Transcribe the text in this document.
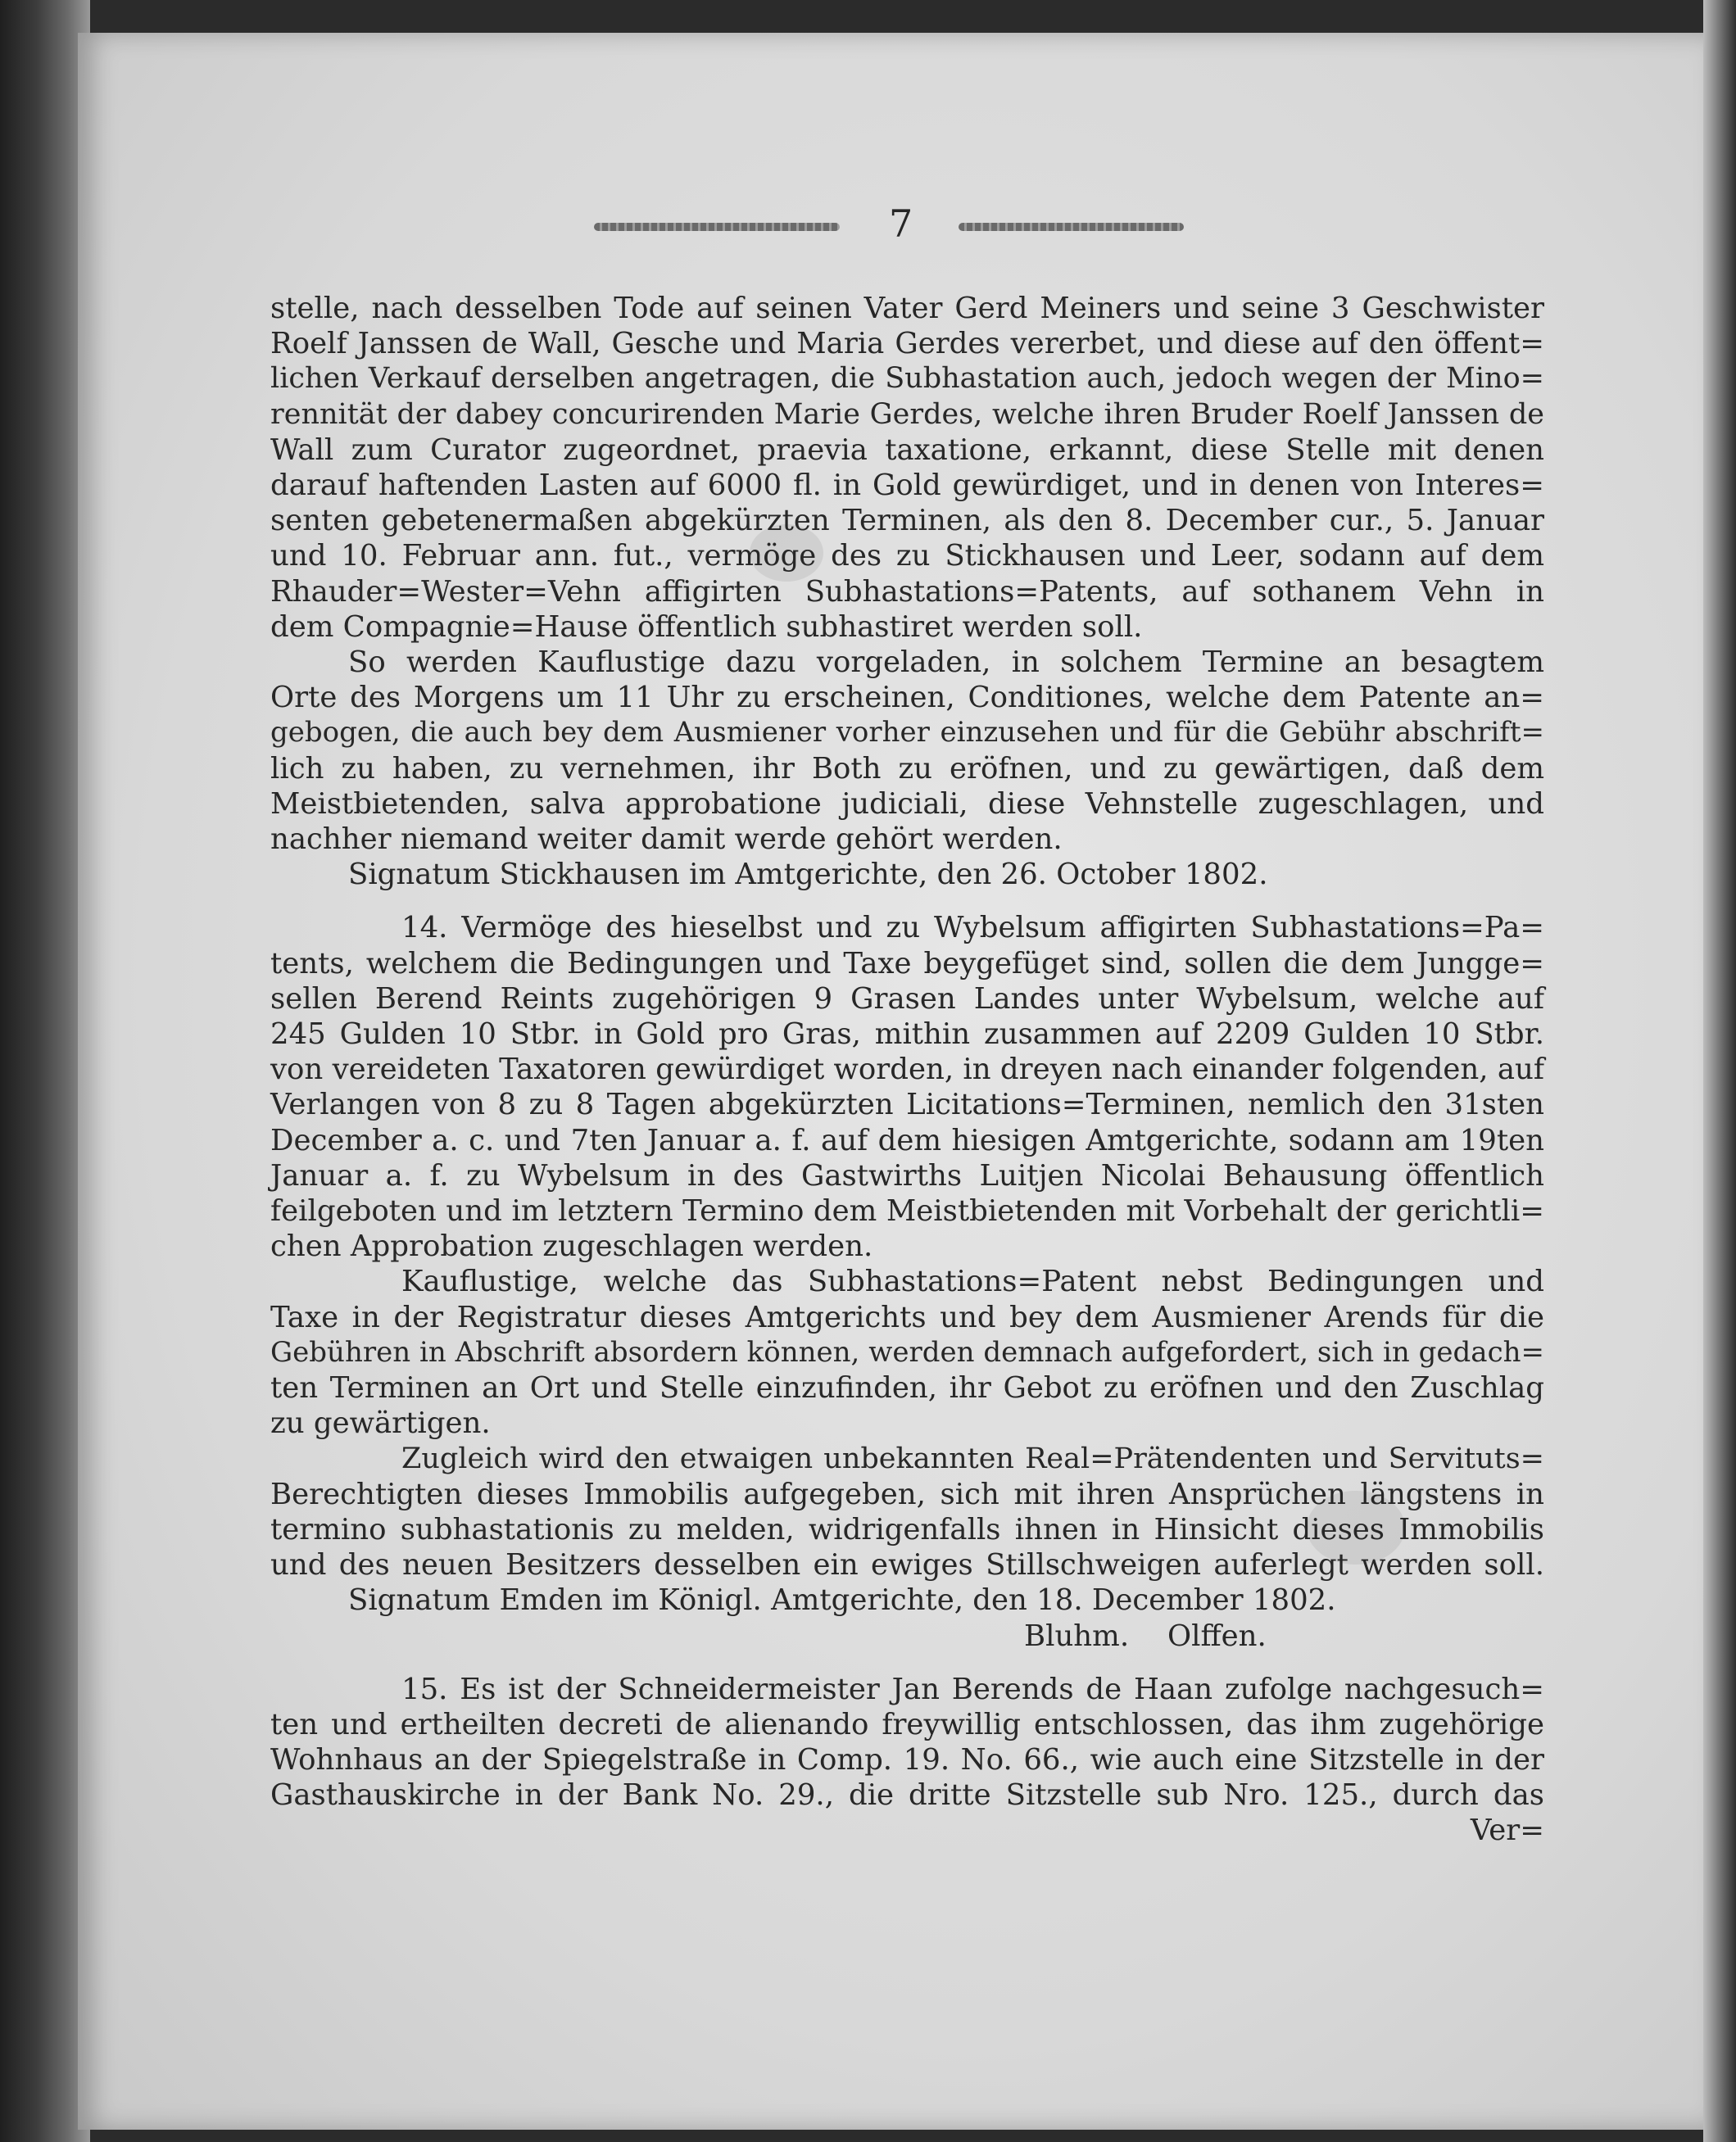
7
stelle, nach desselben Tode auf seinen Vater Gerd Meiners und seine 3 Geschwister
Roelf Janssen de Wall, Gesche und Maria Gerdes vererbet, und diese auf den öffent=
lichen Verkauf derselben angetragen, die Subhastation auch, jedoch wegen der Mino=
rennität der dabey concurirenden Marie Gerdes, welche ihren Bruder Roelf Janssen de
Wall zum Curator zugeordnet, praevia taxatione, erkannt, diese Stelle mit denen
darauf haftenden Lasten auf 6000 fl. in Gold gewürdiget, und in denen von Interes=
senten gebetenermaßen abgekürzten Terminen, als den 8. December cur., 5. Januar
und 10. Februar ann. fut., vermöge des zu Stickhausen und Leer, sodann auf dem
Rhauder=Wester=Vehn affigirten Subhastations=Patents, auf sothanem Vehn in
dem Compagnie=Hause öffentlich subhastiret werden soll.
So werden Kauflustige dazu vorgeladen, in solchem Termine an besagtem
Orte des Morgens um 11 Uhr zu erscheinen, Conditiones, welche dem Patente an=
gebogen, die auch bey dem Ausmiener vorher einzusehen und für die Gebühr abschrift=
lich zu haben, zu vernehmen, ihr Both zu eröfnen, und zu gewärtigen, daß dem
Meistbietenden, salva approbatione judiciali, diese Vehnstelle zugeschlagen, und
nachher niemand weiter damit werde gehört werden.
Signatum Stickhausen im Amtgerichte, den 26. October 1802.
14. Vermöge des hieselbst und zu Wybelsum affigirten Subhastations=Pa=
tents, welchem die Bedingungen und Taxe beygefüget sind, sollen die dem Jungge=
sellen Berend Reints zugehörigen 9 Grasen Landes unter Wybelsum, welche auf
245 Gulden 10 Stbr. in Gold pro Gras, mithin zusammen auf 2209 Gulden 10 Stbr.
von vereideten Taxatoren gewürdiget worden, in dreyen nach einander folgenden, auf
Verlangen von 8 zu 8 Tagen abgekürzten Licitations=Terminen, nemlich den 31sten
December a. c. und 7ten Januar a. f. auf dem hiesigen Amtgerichte, sodann am 19ten
Januar a. f. zu Wybelsum in des Gastwirths Luitjen Nicolai Behausung öffentlich
feilgeboten und im letztern Termino dem Meistbietenden mit Vorbehalt der gerichtli=
chen Approbation zugeschlagen werden.
Kauflustige, welche das Subhastations=Patent nebst Bedingungen und
Taxe in der Registratur dieses Amtgerichts und bey dem Ausmiener Arends für die
Gebühren in Abschrift absordern können, werden demnach aufgefordert, sich in gedach=
ten Terminen an Ort und Stelle einzufinden, ihr Gebot zu eröfnen und den Zuschlag
zu gewärtigen.
Zugleich wird den etwaigen unbekannten Real=Prätendenten und Servituts=
Berechtigten dieses Immobilis aufgegeben, sich mit ihren Ansprüchen längstens in
termino subhastationis zu melden, widrigenfalls ihnen in Hinsicht dieses Immobilis
und des neuen Besitzers desselben ein ewiges Stillschweigen auferlegt werden soll.
Signatum Emden im Königl. Amtgerichte, den 18. December 1802.
Bluhm. Olffen.
15. Es ist der Schneidermeister Jan Berends de Haan zufolge nachgesuch=
ten und ertheilten decreti de alienando freywillig entschlossen, das ihm zugehörige
Wohnhaus an der Spiegelstraße in Comp. 19. No. 66., wie auch eine Sitzstelle in der
Gasthauskirche in der Bank No. 29., die dritte Sitzstelle sub Nro. 125., durch das
Ver=
